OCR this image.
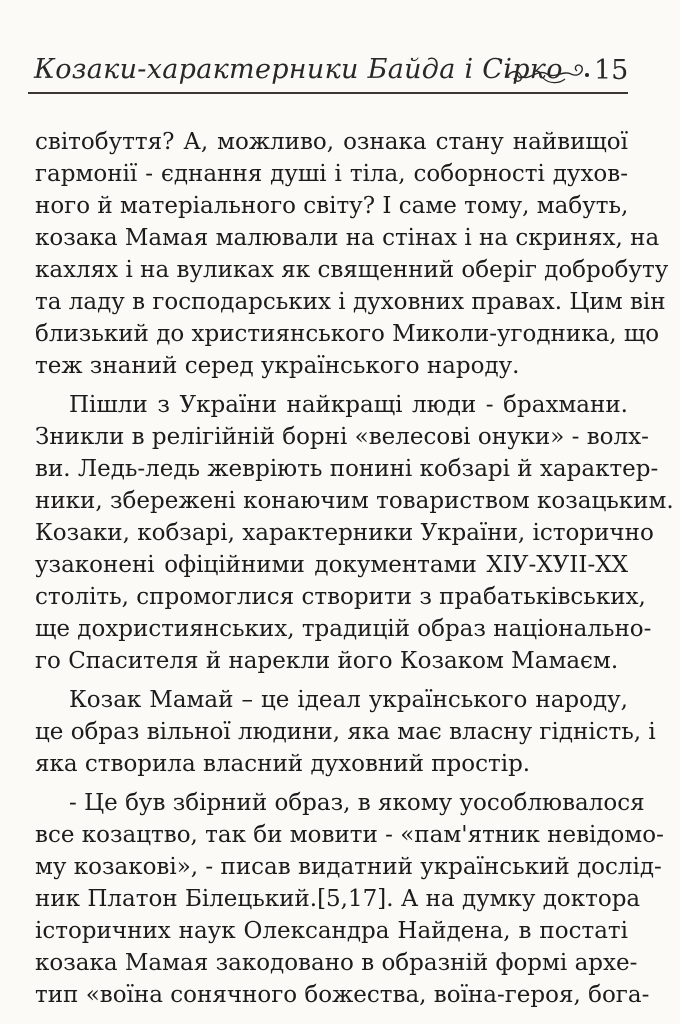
Козаки-характерники Байда і Сірко 15
світобуття? А, можливо, ознака стану найвищої
гармонії - єднання душі і тіла, соборності духов-
ного й матеріального світу? І саме тому, мабуть,
козака Мамая малювали на стінах і на скринях, на
кахлях і на вуликах як священний оберіг добробуту
та ладу в господарських і духовних правах. Цим він
близький до християнського Миколи-угодника, що
теж знаний серед українського народу.
Пішли з України найкращі люди - брахмани.
Зникли в релігійній борні «велесові онуки» - волх-
ви. Ледь-ледь жевріють понині кобзарі й характер-
ники, збережені конаючим товариством козацьким.
Козаки, кобзарі, характерники України, історично
узаконені офіційними документами ХІУ-ХУІІ-ХХ
століть, спромоглися створити з прабатьківських,
ще дохристиянських, традицій образ національно-
го Спасителя й нарекли його Козаком Мамаєм.
Козак Мамай – це ідеал українського народу,
це образ вільної людини, яка має власну гідність, і
яка створила власний духовний простір.
- Це був збірний образ, в якому уособлювалося
все козацтво, так би мовити - «пам'ятник невідомо-
му козакові», - писав видатний український дослід-
ник Платон Білецький.[5,17]. А на думку доктора
історичних наук Олександра Найдена, в постаті
козака Мамая закодовано в образній формі архе-
тип «воїна сонячного божества, воїна-героя, бога-
